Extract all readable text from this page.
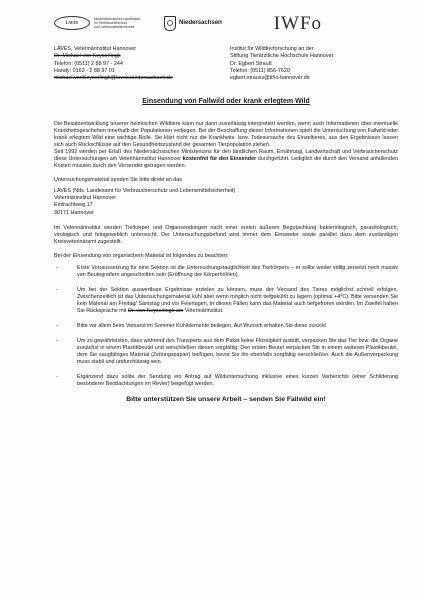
LAVES
Niedersächsisches Landesamt
für Verbraucherschutz
und Lebensmittelsicherheit
Niedersachsen	IWFo
LAVES, Veterinärinstitut Hannover
Dr. Michael von Keyserlingk
Telefon: (0511) 2 88 97 - 244
Handy: 0163 - 2 88 97 01
michael.vonKeyserlingk@laves.niedersachsen.de
Institut für Wildtierforschung an der
Stiftung Tierärztliche Hochschule Hannover
Dr. Egbert Strauß
Telefon: (0511) 856-7620
egbert.strauss@tiho-hannover.de
Einsendung von Fallwild oder krank erlegtem Wild

Die Besatzentwicklung unserer heimischen Wildtiere kann nur dann zuverlässig interpretiert werden, wenn auch Informationen über eventuelle Krankheitsgeschehen innerhalb der Populationen vorliegen. Bei der Beschaffung dieser Informationen spielt die Untersuchung von Fallwild oder krank erlegtem Wild eine wichtige Rolle. Sie klärt nicht nur die Krankheits- bzw. Todesursache des Einzeltieres, aus den Ergebnissen lassen sich auch Rückschlüsse auf den Gesundheitszustand der gesamten Tierpopulation ziehen.

Seit 1992 werden per Erlaß des Niedersächsischen Ministeriums für den ländlichen Raum, Ernährung, Landwirtschaft und Verbraucherschutz diese Untersuchungen am Veterinärinstitut Hannover kostenfrei für den Einsender durchgeführt. Lediglich die durch den Versand anfallenden Kosten müssen durch den Versender getragen werden.

Untersuchungsmaterial senden Sie bitte direkt an das

LAVES (Nds. Landesamt für Verbraucherschutz und Lebensmittelsicherheit)
Veterinärinstitut Hannover
Eintrachtweg 17
30171 Hannover

Im Veterinärinstitut werden Tierkörper und Organsendungen nach einer ersten äußeren Begutachtung bakteriologisch, parasitologisch, virologisch und feingeweblich untersucht. Der Untersuchungsbefund wird immer dem Einsender sowie parallel dazu dem zuständigen Kreisveterinäramt zugestellt.

Bei der Einsendung von organischem Material ist folgendes zu beachten:

-	Erste Vorraussetzung für eine Sektion ist die Untersuchungstauglichkeit des Tierkörpers – er sollte weder völlig zersetzt noch massiv von Beutegreifern angeschnitten sein (Eröffnung der Körperhöhlen).
-	Um bei der Sektion auswertbare Ergebnisse erzielen zu können, muss der Versand des Tieres möglichst schnell erfolgen. Zwischenzeitlich ist das Untersuchungsmaterial kühl aber wenn möglich nicht tiefgekühlt zu lagern (optimal +4°C). Bitte versenden Sie kein Material am Freitag/ Samstag und vor Feiertagen, in diesen Fällen kann das Material auch tiefgefroren werden. Im Zweifel halten Sie Rücksprache mit Dr. von Keyserlingk am Veterinärinstitut.
-	Bitte vor allem beim Versand im Sommer Kühlelemente beilegen. Auf Wunsch erhalten Sie diese zurück!
-	Um zu gewährleisten, dass während des Transports aus dem Paket keine Flüssigkeit austritt, verpacken Sie das Tier bzw. die Organe zunächst in einem Plastikbeutel und verschließen diesen sorgfältig. Den ersten Beutel verpacken Sie in einem weiteren Plastikbeutel, dem Sie saugfähiges Material (Zeitungspapier) beifügen, bevor Sie ihn ebenfalls sorgfältig verschließen. Auch die Außenverpackung muss stabil und undurchlässig sein.
-	Ergänzend dazu sollte der Sendung ein Antrag auf Wilduntersuchung inklusive eines kurzen Vorberichts (einer Schilderung besonderer Beobachtungen im Revier) beigefügt werden.
Bitte unterstützen Sie unsere Arbeit – senden Sie Fallwild ein!
